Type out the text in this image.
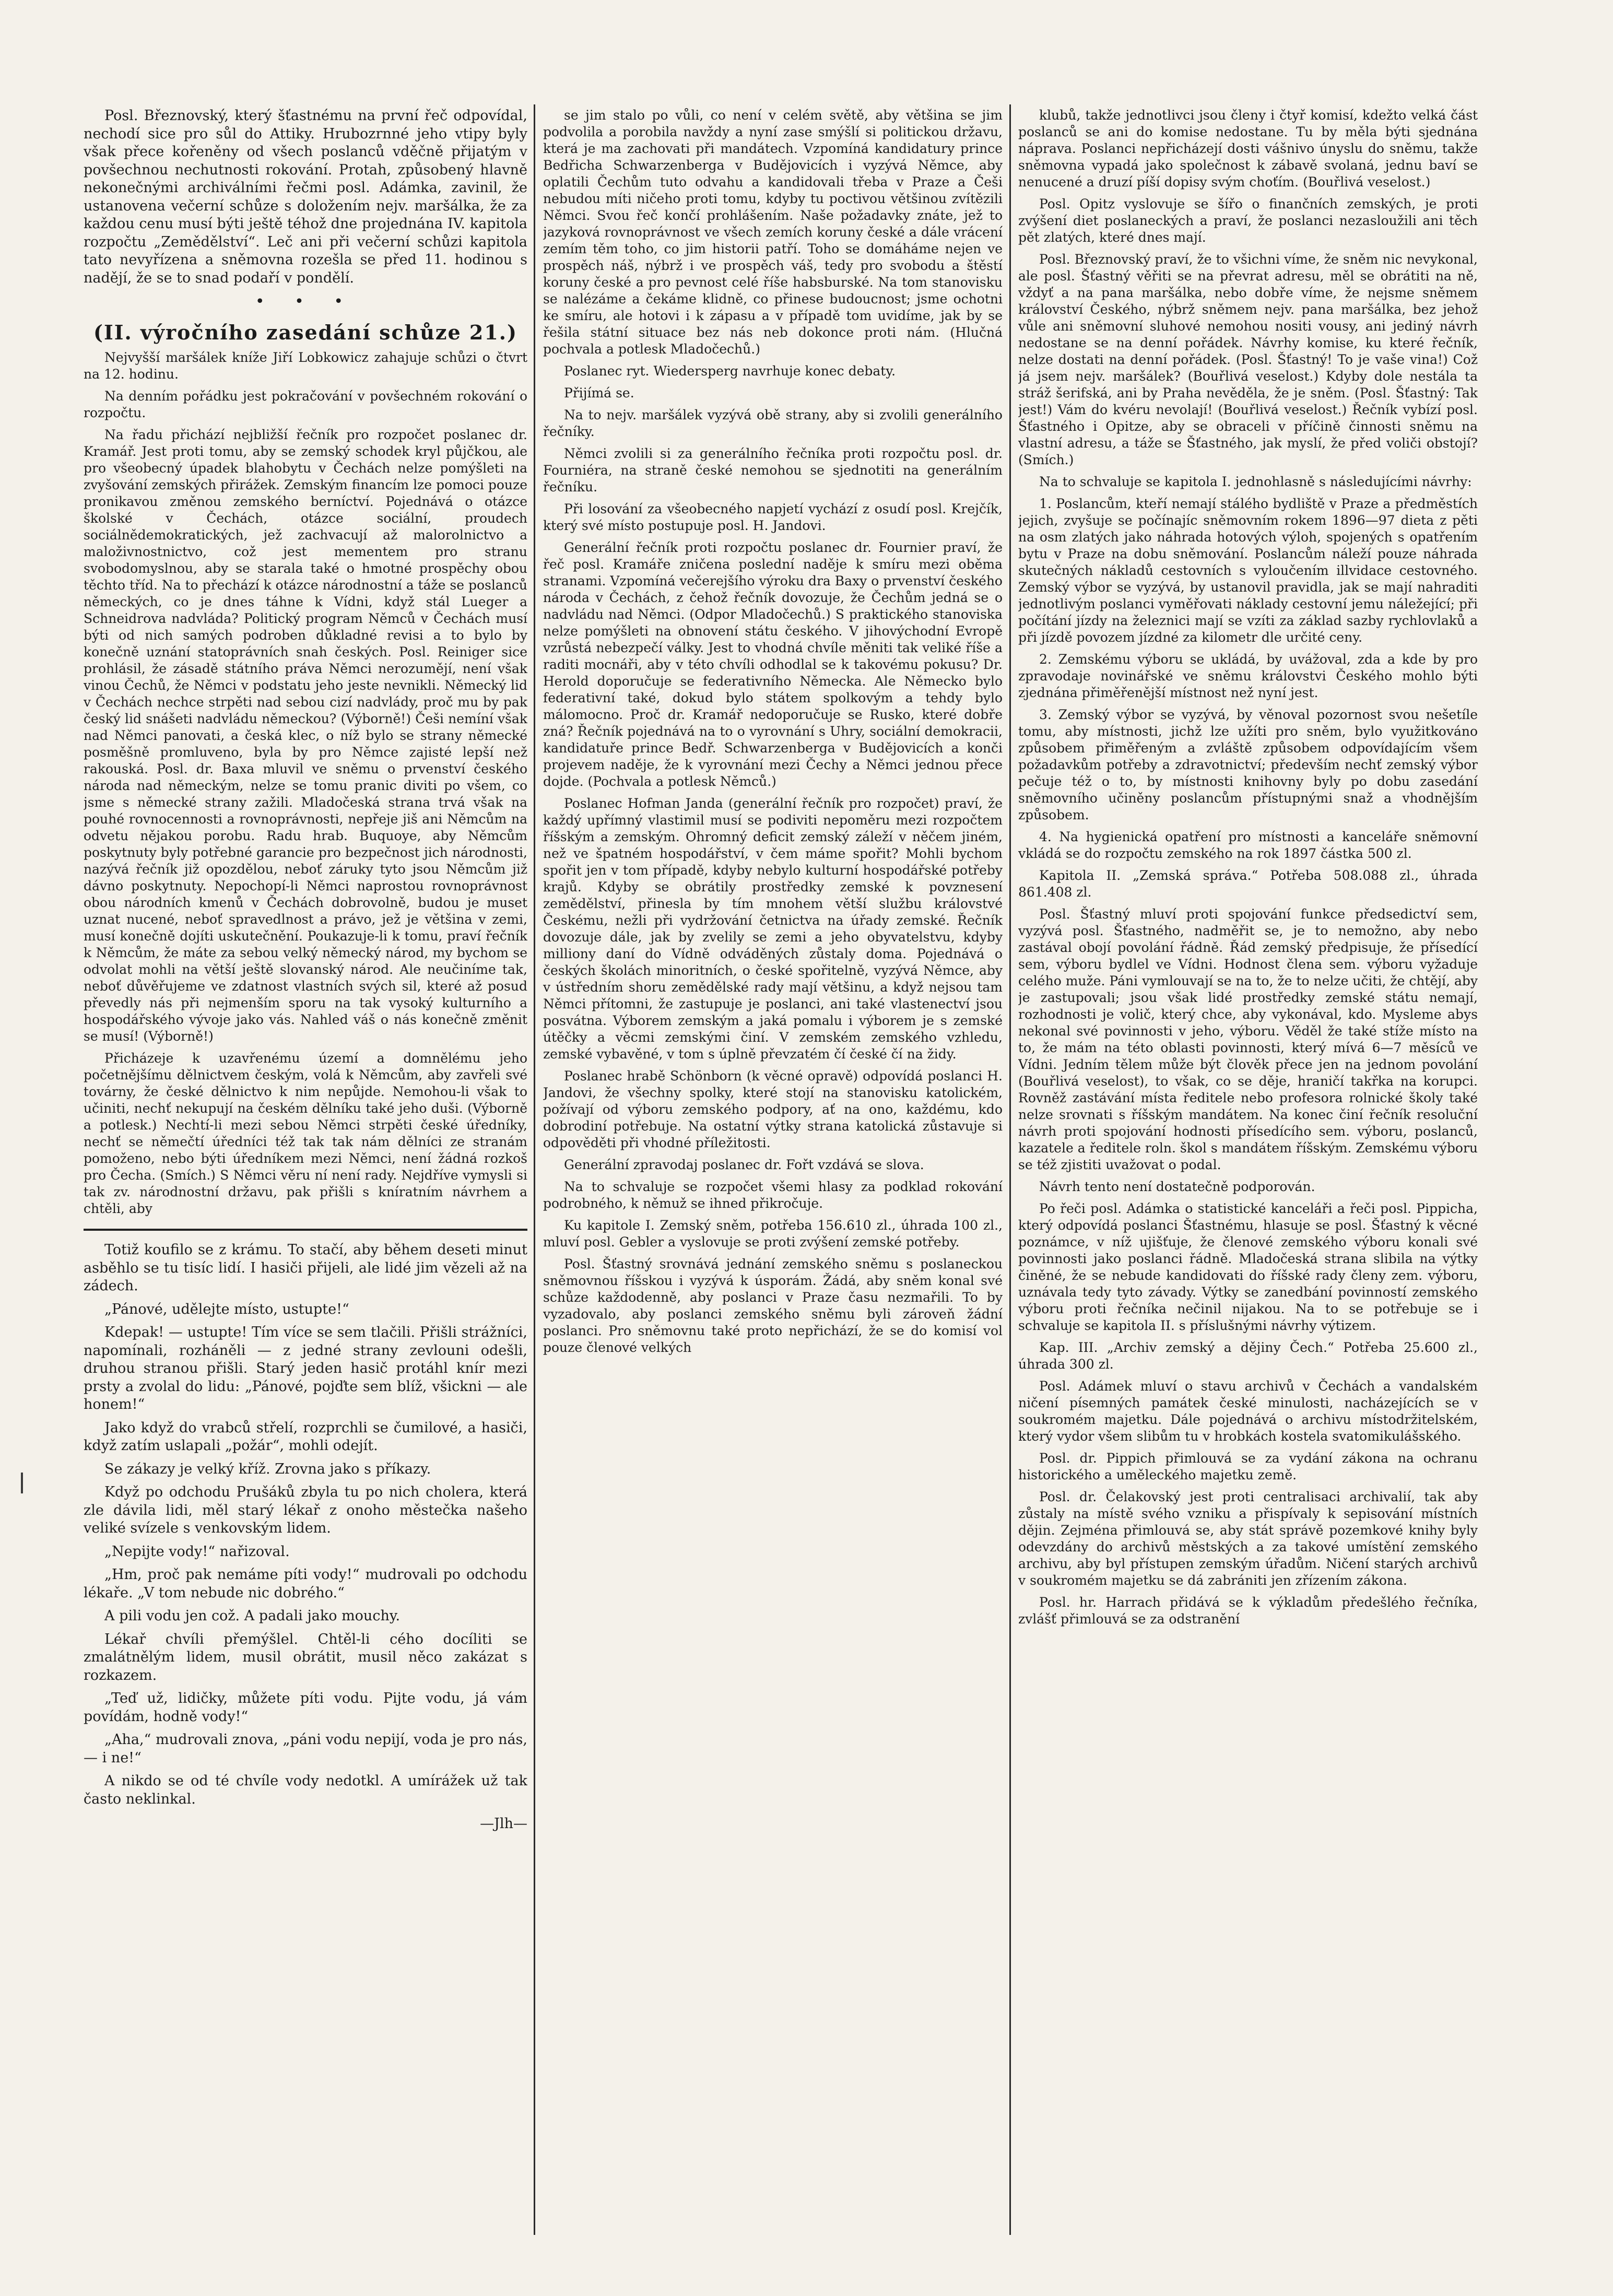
Posl. Březnovský, který šťastnému na první řeč odpovídal, nechodí sice pro sůl do Attiky. Hrubozrnné jeho vtipy byly však přece kořeněny od všech poslanců vděčně přijatým v povšechnou nechutnosti rokování. Protah, způsobený hlavně nekonečnými archiválními řečmi posl. Adámka, zavinil, že ustanovena večerní schůze s doložením nejv. maršálka, že za každou cenu musí býti ještě téhož dne projednána IV. kapitola rozpočtu „Zemědělství“. Leč ani při večerní schůzi kapitola tato nevyřízena a sněmovna rozešla se před 11. hodinou s nadějí, že se to snad podaří v pondělí.

• • •
(II. výročního zasedání schůze 21.)

Nejvyšší maršálek kníže Jiří Lobkowicz zahajuje schůzi o čtvrt na 12. hodinu.

Na denním pořádku jest pokračování v povšechném rokování o rozpočtu.

Na řadu přichází nejbližší řečník pro rozpočet poslanec dr. Kramář. Jest proti tomu, aby se zemský schodek kryl půjčkou, ale pro všeobecný úpadek blahobytu v Čechách nelze pomýšleti na zvyšování zemských přirážek. Zemským financím lze pomoci pouze pronikavou změnou zemského berníctví. Pojednává o otázce školské v Čechách, otázce sociální, proudech sociálnědemokratických, jež zachvacují až malorolnictvo a maloživnostnictvo, což jest mementem pro stranu svobodomyslnou, aby se starala také o hmotné prospěchy obou těchto tříd. Na to přechází k otázce národnostní a táže se poslanců německých, co je dnes táhne k Vídni, když stál Lueger a Schneidrova nadvláda? Politický program Němců v Čechách musí býti od nich samých podroben důkladné revisi a to bylo by konečně uznání statoprávních snah českých. Posl. Reiniger sice prohlásil, že zásadě státního práva Němci nerozumějí, není však vinou Čechů, že Němci v podstatu jeho jeste nevnikli. Německý lid v Čechách nechce strpěti nad sebou cizí nadvlády, proč mu by pak český lid snášeti nadvládu německou? (Výborně!) Češi nemíní však nad Němci panovati, a česká klec, o níž bylo se strany německé posměšně promluveno, byla by pro Němce zajisté lepší než rakouská. Posl. dr. Baxa mluvil ve sněmu o prvenství českého národa nad německým, nelze se tomu pranic diviti po všem, co jsme s německé strany zažili. Mladočeská strana trvá však na pouhé rovnocennosti a rovnoprávnosti, nepřeje jiš ani Němcům na odvetu nějakou porobu. Radu hrab. Buquoye, aby Němcům poskytnuty byly potřebné garancie pro bezpečnost jich národnosti, nazývá řečník již opozdělou, neboť záruky tyto jsou Němcům již dávno poskytnuty. Nepochopí-li Němci naprostou rovnoprávnost obou národních kmenů v Čechách dobrovolně, budou je muset uznat nucené, neboť spravedlnost a právo, jež je většina v zemi, musí konečně dojíti uskutečnění. Poukazuje-li k tomu, praví řečník k Němcům, že máte za sebou velký německý národ, my bychom se odvolat mohli na větší ještě slovanský národ. Ale neučiníme tak, neboť důvěřujeme ve zdatnost vlastních svých sil, které až posud převedly nás při nejmenším sporu na tak vysoký kulturního a hospodářského vývoje jako vás. Nahled váš o nás konečně změnit se musí! (Výborně!)

Přicházeje k uzavřenému území a domnělému jeho početnějšímu dělnictvem českým, volá k Němcům, aby zavřeli své továrny, že české dělnictvo k nim nepůjde. Nemohou-li však to učiniti, nechť nekupují na českém dělníku také jeho duši. (Výborně a potlesk.) Nechtí-li mezi sebou Němci strpěti české úředníky, nechť se němečtí úředníci též tak tak nám dělníci ze stranám pomoženo, nebo býti úředníkem mezi Němci, není žádná rozkoš pro Čecha. (Smích.) S Němci věru ní není rady. Nejdříve vymysli si tak zv. národnostní državu, pak přišli s kníratním návrhem a chtěli, aby

Totiž koufilo se z krámu. To stačí, aby během deseti minut asběhlo se tu tisíc lidí. I hasiči přijeli, ale lidé jim vězeli až na zádech.

„Pánové, udělejte místo, ustupte!“

Kdepak! — ustupte! Tím více se sem tlačili. Přišli strážníci, napomínali, rozháněli — z jedné strany zevlouni odešli, druhou stranou přišli. Starý jeden hasič protáhl knír mezi prsty a zvolal do lidu: „Pánové, pojďte sem blíž, všickni — ale honem!“

Jako když do vrabců střelí, rozprchli se čumilové, a hasiči, když zatím uslapali „požár“, mohli odejít.

Se zákazy je velký kříž. Zrovna jako s příkazy.

Když po odchodu Prušáků zbyla tu po nich cholera, která zle dávila lidi, měl starý lékař z onoho městečka našeho veliké svízele s venkovským lidem.

„Nepijte vody!“ nařizoval.

„Hm, proč pak nemáme píti vody!“ mudrovali po odchodu lékaře. „V tom nebude nic dobrého.“

A pili vodu jen což. A padali jako mouchy.

Lékař chvíli přemýšlel. Chtěl-li cého docíliti se zmalátnělým lidem, musil obrátit, musil něco zakázat s rozkazem.

„Teď už, lidičky, můžete píti vodu. Pijte vodu, já vám povídám, hodně vody!“

„Aha,“ mudrovali znova, „páni vodu nepijí, voda je pro nás, — i ne!“

A nikdo se od té chvíle vody nedotkl. A umírážek už tak často neklinkal.

—Jlh—

se jim stalo po vůli, co není v celém světě, aby většina se jim podvolila a porobila navždy a nyní zase smýšlí si politickou državu, která je ma zachovati při mandátech. Vzpomíná kandidatury prince Bedřicha Schwarzenberga v Budějovicích i vyzývá Němce, aby oplatili Čechům tuto odvahu a kandidovali třeba v Praze a Češi nebudou míti ničeho proti tomu, kdyby tu poctivou většinou zvítězili Němci. Svou řeč končí prohlášením. Naše požadavky znáte, jež to jazyková rovnoprávnost ve všech zemích koruny české a dále vrácení zemím těm toho, co jim historii patří. Toho se domáháme nejen ve prospěch náš, nýbrž i ve prospěch váš, tedy pro svobodu a štěstí koruny české a pro pevnost celé říše habsburské. Na tom stanovisku se nalézáme a čekáme klidně, co přinese budoucnost; jsme ochotni ke smíru, ale hotovi i k zápasu a v případě tom uvidíme, jak by se řešila státní situace bez nás neb dokonce proti nám. (Hlučná pochvala a potlesk Mladočechů.)

Poslanec ryt. Wiedersperg navrhuje konec debaty.

Přijímá se.

Na to nejv. maršálek vyzývá obě strany, aby si zvolili generálního řečníky.

Němci zvolili si za generálního řečníka proti rozpočtu posl. dr. Fourniéra, na straně české nemohou se sjednotiti na generálním řečníku.

Při losování za všeobecného napjetí vychází z osudí posl. Krejčík, který své místo postupuje posl. H. Jandovi.

Generální řečník proti rozpočtu poslanec dr. Fournier praví, že řeč posl. Kramáře zničena poslední naděje k smíru mezi oběma stranami. Vzpomíná večerejšího výroku dra Baxy o prvenství českého národa v Čechách, z čehož řečník dovozuje, že Čechům jedná se o nadvládu nad Němci. (Odpor Mladočechů.) S praktického stanoviska nelze pomýšleti na obnovení státu českého. V jihovýchodní Evropě vzrůstá nebezpečí války. Jest to vhodná chvíle měniti tak veliké říše a raditi mocnáři, aby v této chvíli odhodlal se k takovému pokusu? Dr. Herold doporučuje se federativního Německa. Ale Německo bylo federativní také, dokud bylo státem spolkovým a tehdy bylo málomocno. Proč dr. Kramář nedoporučuje se Rusko, které dobře zná? Řečník pojednává na to o vyrovnání s Uhry, sociální demokracii, kandidatuře prince Bedř. Schwarzenberga v Budějovicích a konči projevem naděje, že k vyrovnání mezi Čechy a Němci jednou přece dojde. (Pochvala a potlesk Němců.)

Poslanec Hofman Janda (generální řečník pro rozpočet) praví, že každý upřímný vlastimil musí se podiviti nepoměru mezi rozpočtem říšským a zemským. Ohromný deficit zemský záleží v něčem jiném, než ve špatném hospodářství, v čem máme spořit? Mohli bychom spořit jen v tom případě, kdyby nebylo kulturní hospodářské potřeby krajů. Kdyby se obrátily prostředky zemské k povznesení zemědělství, přinesla by tím mnohem větší službu královstvé Českému, nežli při vydržování četnictva na úřady zemské. Řečník dovozuje dále, jak by zvelily se zemi a jeho obyvatelstvu, kdyby milliony daní do Vídně odváděných zůstaly doma. Pojednává o českých školách minoritních, o české spořitelně, vyzývá Němce, aby v ústředním shoru zemědělské rady mají většinu, a když nejsou tam Němci přítomni, že zastupuje je poslanci, ani také vlastenectví jsou posvátna. Výborem zemským a jaká pomalu i výborem je s zemské útěčky a věcmi zemskými činí. V zemském zemského vzhledu, zemské vybavěné, v tom s úplně převzatém čí české čí na židy.

Poslanec hrabě Schönborn (k věcné opravě) odpovídá poslanci H. Jandovi, že všechny spolky, které stojí na stanovisku katolickém, požívají od výboru zemského podpory, ať na ono, každému, kdo dobrodiní potřebuje. Na ostatní výtky strana katolická zůstavuje si odpověděti při vhodné příležitosti.

Generální zpravodaj poslanec dr. Fořt vzdává se slova.

Na to schvaluje se rozpočet všemi hlasy za podklad rokování podrobného, k němuž se ihned přikročuje.

Ku kapitole I. Zemský sněm, potřeba 156.610 zl., úhrada 100 zl., mluví posl. Gebler a vyslovuje se proti zvýšení zemské potřeby.

Posl. Šťastný srovnává jednání zemského sněmu s poslaneckou sněmovnou říšskou i vyzývá k úsporám. Žádá, aby sněm konal své schůze každodenně, aby poslanci v Praze času nezmařili. To by vyzadovalo, aby poslanci zemského sněmu byli zároveň žádní poslanci. Pro sněmovnu také proto nepřichází, že se do komisí vol pouze členové velkých

klubů, takže jednotlivci jsou členy i čtyř komisí, kdežto velká část poslanců se ani do komise nedostane. Tu by měla býti sjednána náprava. Poslanci nepřicházejí dosti vášnivo únyslu do sněmu, takže sněmovna vypadá jako společnost k zábavě svolaná, jednu baví se nenucené a druzí píší dopisy svým choťím. (Bouřlivá veselost.)

Posl. Opitz vyslovuje se šířo o finančních zemských, je proti zvýšení diet poslaneckých a praví, že poslanci nezasloužili ani těch pět zlatých, které dnes mají.

Posl. Březnovský praví, že to všichni víme, že sněm nic nevykonal, ale posl. Šťastný věřiti se na převrat adresu, měl se obrátiti na ně, vždyť a na pana maršálka, nebo dobře víme, že nejsme sněmem království Českého, nýbrž sněmem nejv. pana maršálka, bez jehož vůle ani sněmovní sluhové nemohou nositi vousy, ani jediný návrh nedostane se na denní pořádek. Návrhy komise, ku které řečník, nelze dostati na denní pořádek. (Posl. Šťastný! To je vaše vina!) Což já jsem nejv. maršálek? (Bouřlivá veselost.) Kdyby dole nestála ta stráž šerifská, ani by Praha nevěděla, že je sněm. (Posl. Šťastný: Tak jest!) Vám do kvéru nevolají! (Bouřlivá veselost.) Řečník vybízí posl. Šťastného i Opitze, aby se obraceli v příčině činnosti sněmu na vlastní adresu, a táže se Šťastného, jak myslí, že před voliči obstojí? (Smích.)

Na to schvaluje se kapitola I. jednohlasně s následujícími návrhy:

1. Poslancům, kteří nemají stálého bydliště v Praze a předměstích jejich, zvyšuje se počínajíc sněmovním rokem 1896—97 dieta z pěti na osm zlatých jako náhrada hotových výloh, spojených s opatřením bytu v Praze na dobu sněmování. Poslancům náleží pouze náhrada skutečných nákladů cestovních s vyloučením illvidace cestovného. Zemský výbor se vyzývá, by ustanovil pravidla, jak se mají nahraditi jednotlivým poslanci vyměřovati náklady cestovní jemu náležející; při počítání jízdy na železnici mají se vzíti za základ sazby rychlovlaků a při jízdě povozem jízdné za kilometr dle určité ceny.

2. Zemskému výboru se ukládá, by uvážoval, zda a kde by pro zpravodaje novinářské ve sněmu královstvi Českého mohlo býti zjednána přiměřenější místnost než nyní jest.

3. Zemský výbor se vyzývá, by věnoval pozornost svou nešetíle tomu, aby místnosti, jichž lze užíti pro sněm, bylo využitkováno způsobem přiměřeným a zvláště způsobem odpovídajícím všem požadavkům potřeby a zdravotnictví; především nechť zemský výbor pečuje též o to, by místnosti knihovny byly po dobu zasedání sněmovního učiněny poslancům přístupnými snaž a vhodnějším způsobem.

4. Na hygienická opatření pro místnosti a kanceláře sněmovní vkládá se do rozpočtu zemského na rok 1897 částka 500 zl.

Kapitola II. „Zemská správa.“ Potřeba 508.088 zl., úhrada 861.408 zl.

Posl. Šťastný mluví proti spojování funkce předsedictví sem, vyzývá posl. Šťastného, nadměřit se, je to nemožno, aby nebo zastával obojí povolání řádně. Řád zemský předpisuje, že přísedící sem, výboru bydlel ve Vídni. Hodnost člena sem. výboru vyžaduje celého muže. Páni vymlouvají se na to, že to nelze učiti, že chtějí, aby je zastupovali; jsou však lidé prostředky zemské státu nemají, rozhodnosti je volič, který chce, aby vykonával, kdo. Mysleme abys nekonal své povinnosti v jeho, výboru. Věděl že také stíže místo na to, že mám na této oblasti povinnosti, který mívá 6—7 měsíců ve Vídni. Jedním tělem může být člověk přece jen na jednom povolání (Bouřlivá veselost), to však, co se děje, hraničí takřka na korupci. Rovněž zastávání místa ředitele nebo profesora rolnické školy také nelze srovnati s říšským mandátem. Na konec činí řečník resoluční návrh proti spojování hodnosti přísedícího sem. výboru, poslanců, kazatele a ředitele roln. škol s mandátem říšským. Zemskému výboru se též zjistiti uvažovat o podal.

Návrh tento není dostatečně podporován.

Po řeči posl. Adámka o statistické kanceláři a řeči posl. Pippicha, který odpovídá poslanci Šťastnému, hlasuje se posl. Šťastný k věcné poznámce, v níž ujišťuje, že členové zemského výboru konali své povinnosti jako poslanci řádně. Mladočeská strana slibila na výtky činěné, že se nebude kandidovati do říšské rady členy zem. výboru, uznávala tedy tyto závady. Výtky se zanedbání povinností zemského výboru proti řečníka nečinil nijakou. Na to se potřebuje se i schvaluje se kapitola II. s příslušnými návrhy výtizem.

Kap. III. „Archiv zemský a dějiny Čech.“ Potřeba 25.600 zl., úhrada 300 zl.

Posl. Adámek mluví o stavu archivů v Čechách a vandalském ničení písemných památek české minulosti, nacházejících se v soukromém majetku. Dále pojednává o archivu místodržitelském, který vydor všem slibům tu v hrobkách kostela svatomikulášského.

Posl. dr. Pippich přimlouvá se za vydání zákona na ochranu historického a uměleckého majetku země.

Posl. dr. Čelakovský jest proti centralisaci archivalií, tak aby zůstaly na místě svého vzniku a přispívaly k sepisování místních dějin. Zejména přimlouvá se, aby stát správě pozemkové knihy byly odevzdány do archivů městských a za takové umístění zemského archivu, aby byl přístupen zemským úřadům. Ničení starých archivů v soukromém majetku se dá zabrániti jen zřízením zákona.

Posl. hr. Harrach přidává se k výkladům předešlého řečníka, zvlášť přimlouvá se za odstranění
